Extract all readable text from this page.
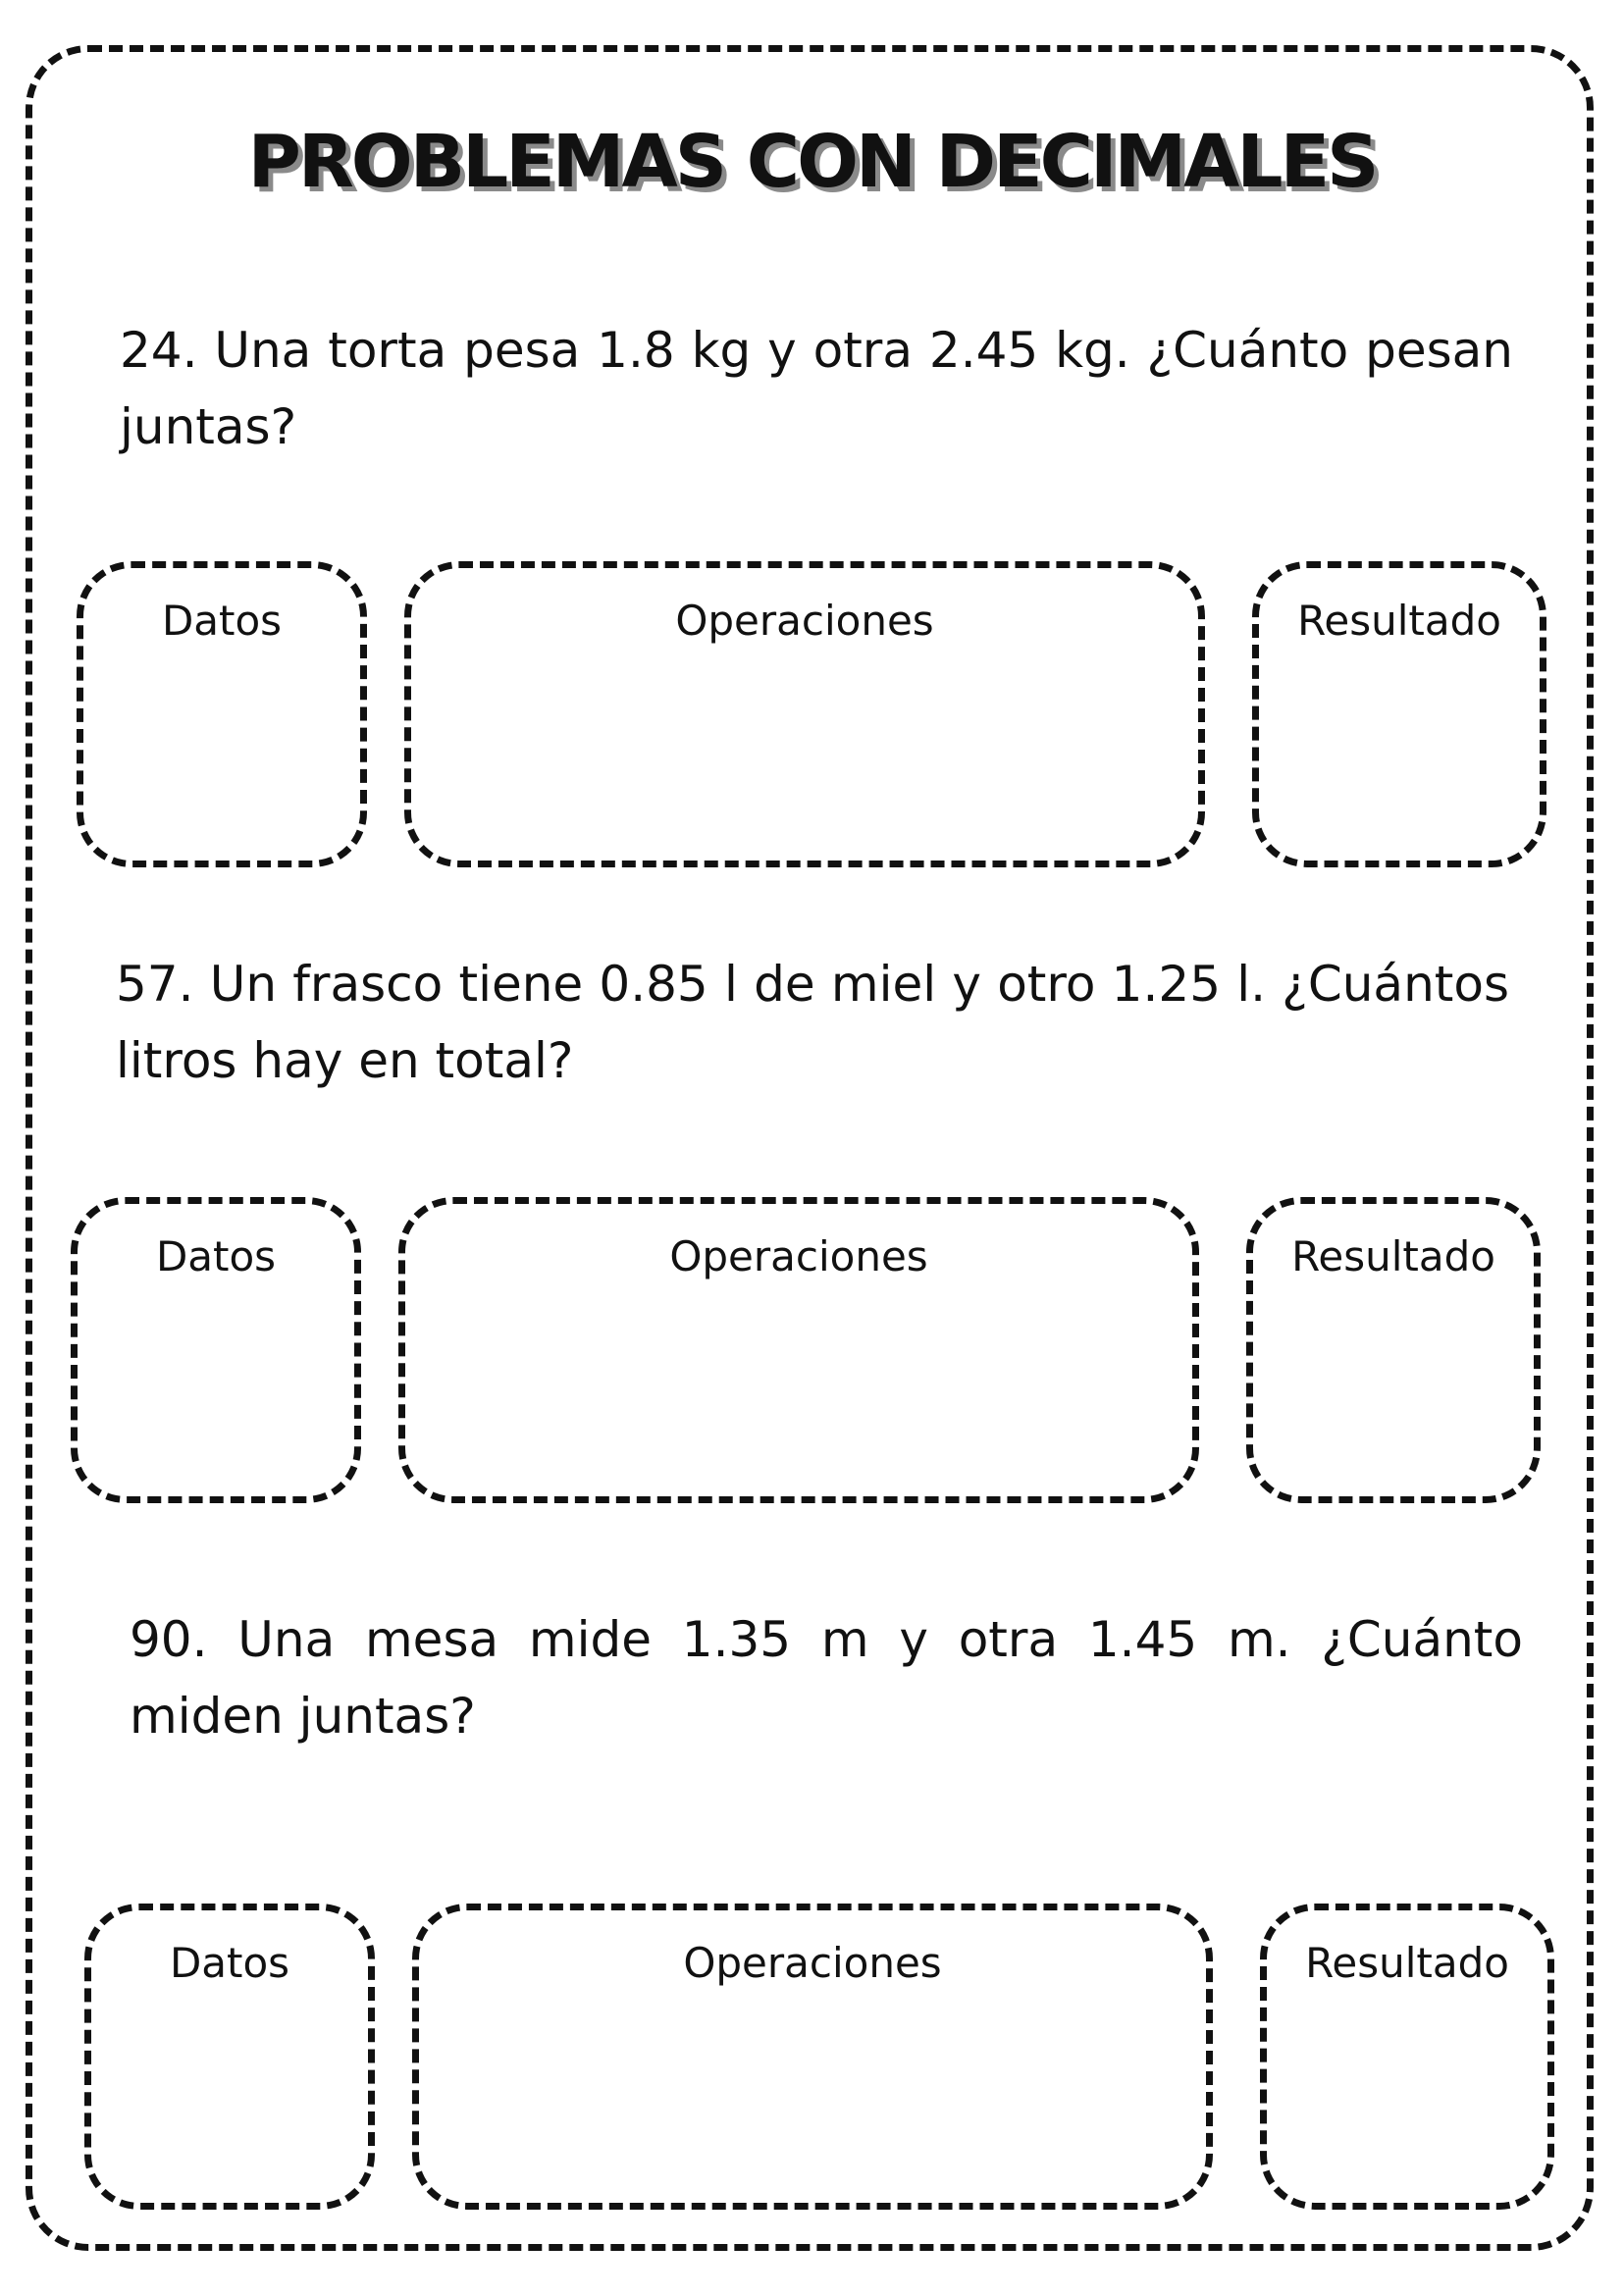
PROBLEMAS CON DECIMALES

24. Una torta pesa 1.8 kg y otra 2.45 kg. ¿Cuánto pesan juntas?

Datos	Operaciones	Resultado

57. Un frasco tiene 0.85 l de miel y otro 1.25 l. ¿Cuántos litros hay en total?

Datos	Operaciones	Resultado

90. Una mesa mide 1.35 m y otra 1.45 m. ¿Cuánto miden juntas?

Datos	Operaciones	Resultado
